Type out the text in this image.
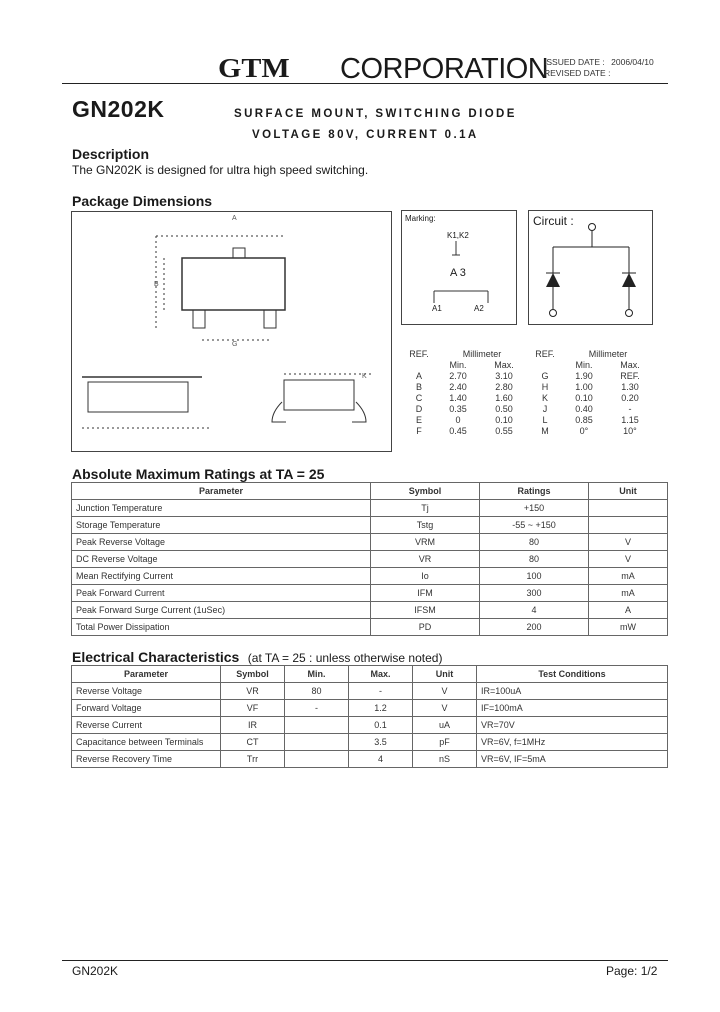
GTM CORPORATION
ISSUED DATE : 2006/04/10
REVISED DATE :
GN202K	SURFACE MOUNT, SWITCHING DIODE
VOLTAGE 80V, CURRENT 0.1A
Description
The GN202K is designed for ultra high speed switching.
Package Dimensions
A
B
G
K
Marking:
K1,K2
A 3
A1	A2
Circuit :
REF.	Millimeter		REF.	Millimeter	
	Min.	Max.		Min.	Max.
A	2.70	3.10	G	1.90	REF.
B	2.40	2.80	H	1.00	1.30
C	1.40	1.60	K	0.10	0.20
D	0.35	0.50	J	0.40	-
E	0	0.10	L	0.85	1.15
F	0.45	0.55	M	0°	10°
Absolute Maximum Ratings at TA = 25
Parameter	Symbol	Ratings	Unit
Junction Temperature	Tj	+150	
Storage Temperature	Tstg	-55 ~ +150	
Peak Reverse Voltage	VRM	80	V
DC Reverse Voltage	VR	80	V
Mean Rectifying Current	Io	100	mA
Peak Forward Current	IFM	300	mA
Peak Forward Surge Current (1uSec)	IFSM	4	A
Total Power Dissipation	PD	200	mW
Electrical Characteristics (at TA = 25 : unless otherwise noted)
Parameter	Symbol	Min.	Max.	Unit	Test Conditions
Reverse Voltage	VR	80	-	V	IR=100uA
Forward Voltage	VF	-	1.2	V	IF=100mA
Reverse Current	IR		0.1	uA	VR=70V
Capacitance between Terminals	CT		3.5	pF	VR=6V, f=1MHz
Reverse Recovery Time	Trr		4	nS	VR=6V, IF=5mA
GN202K	Page: 1/2
